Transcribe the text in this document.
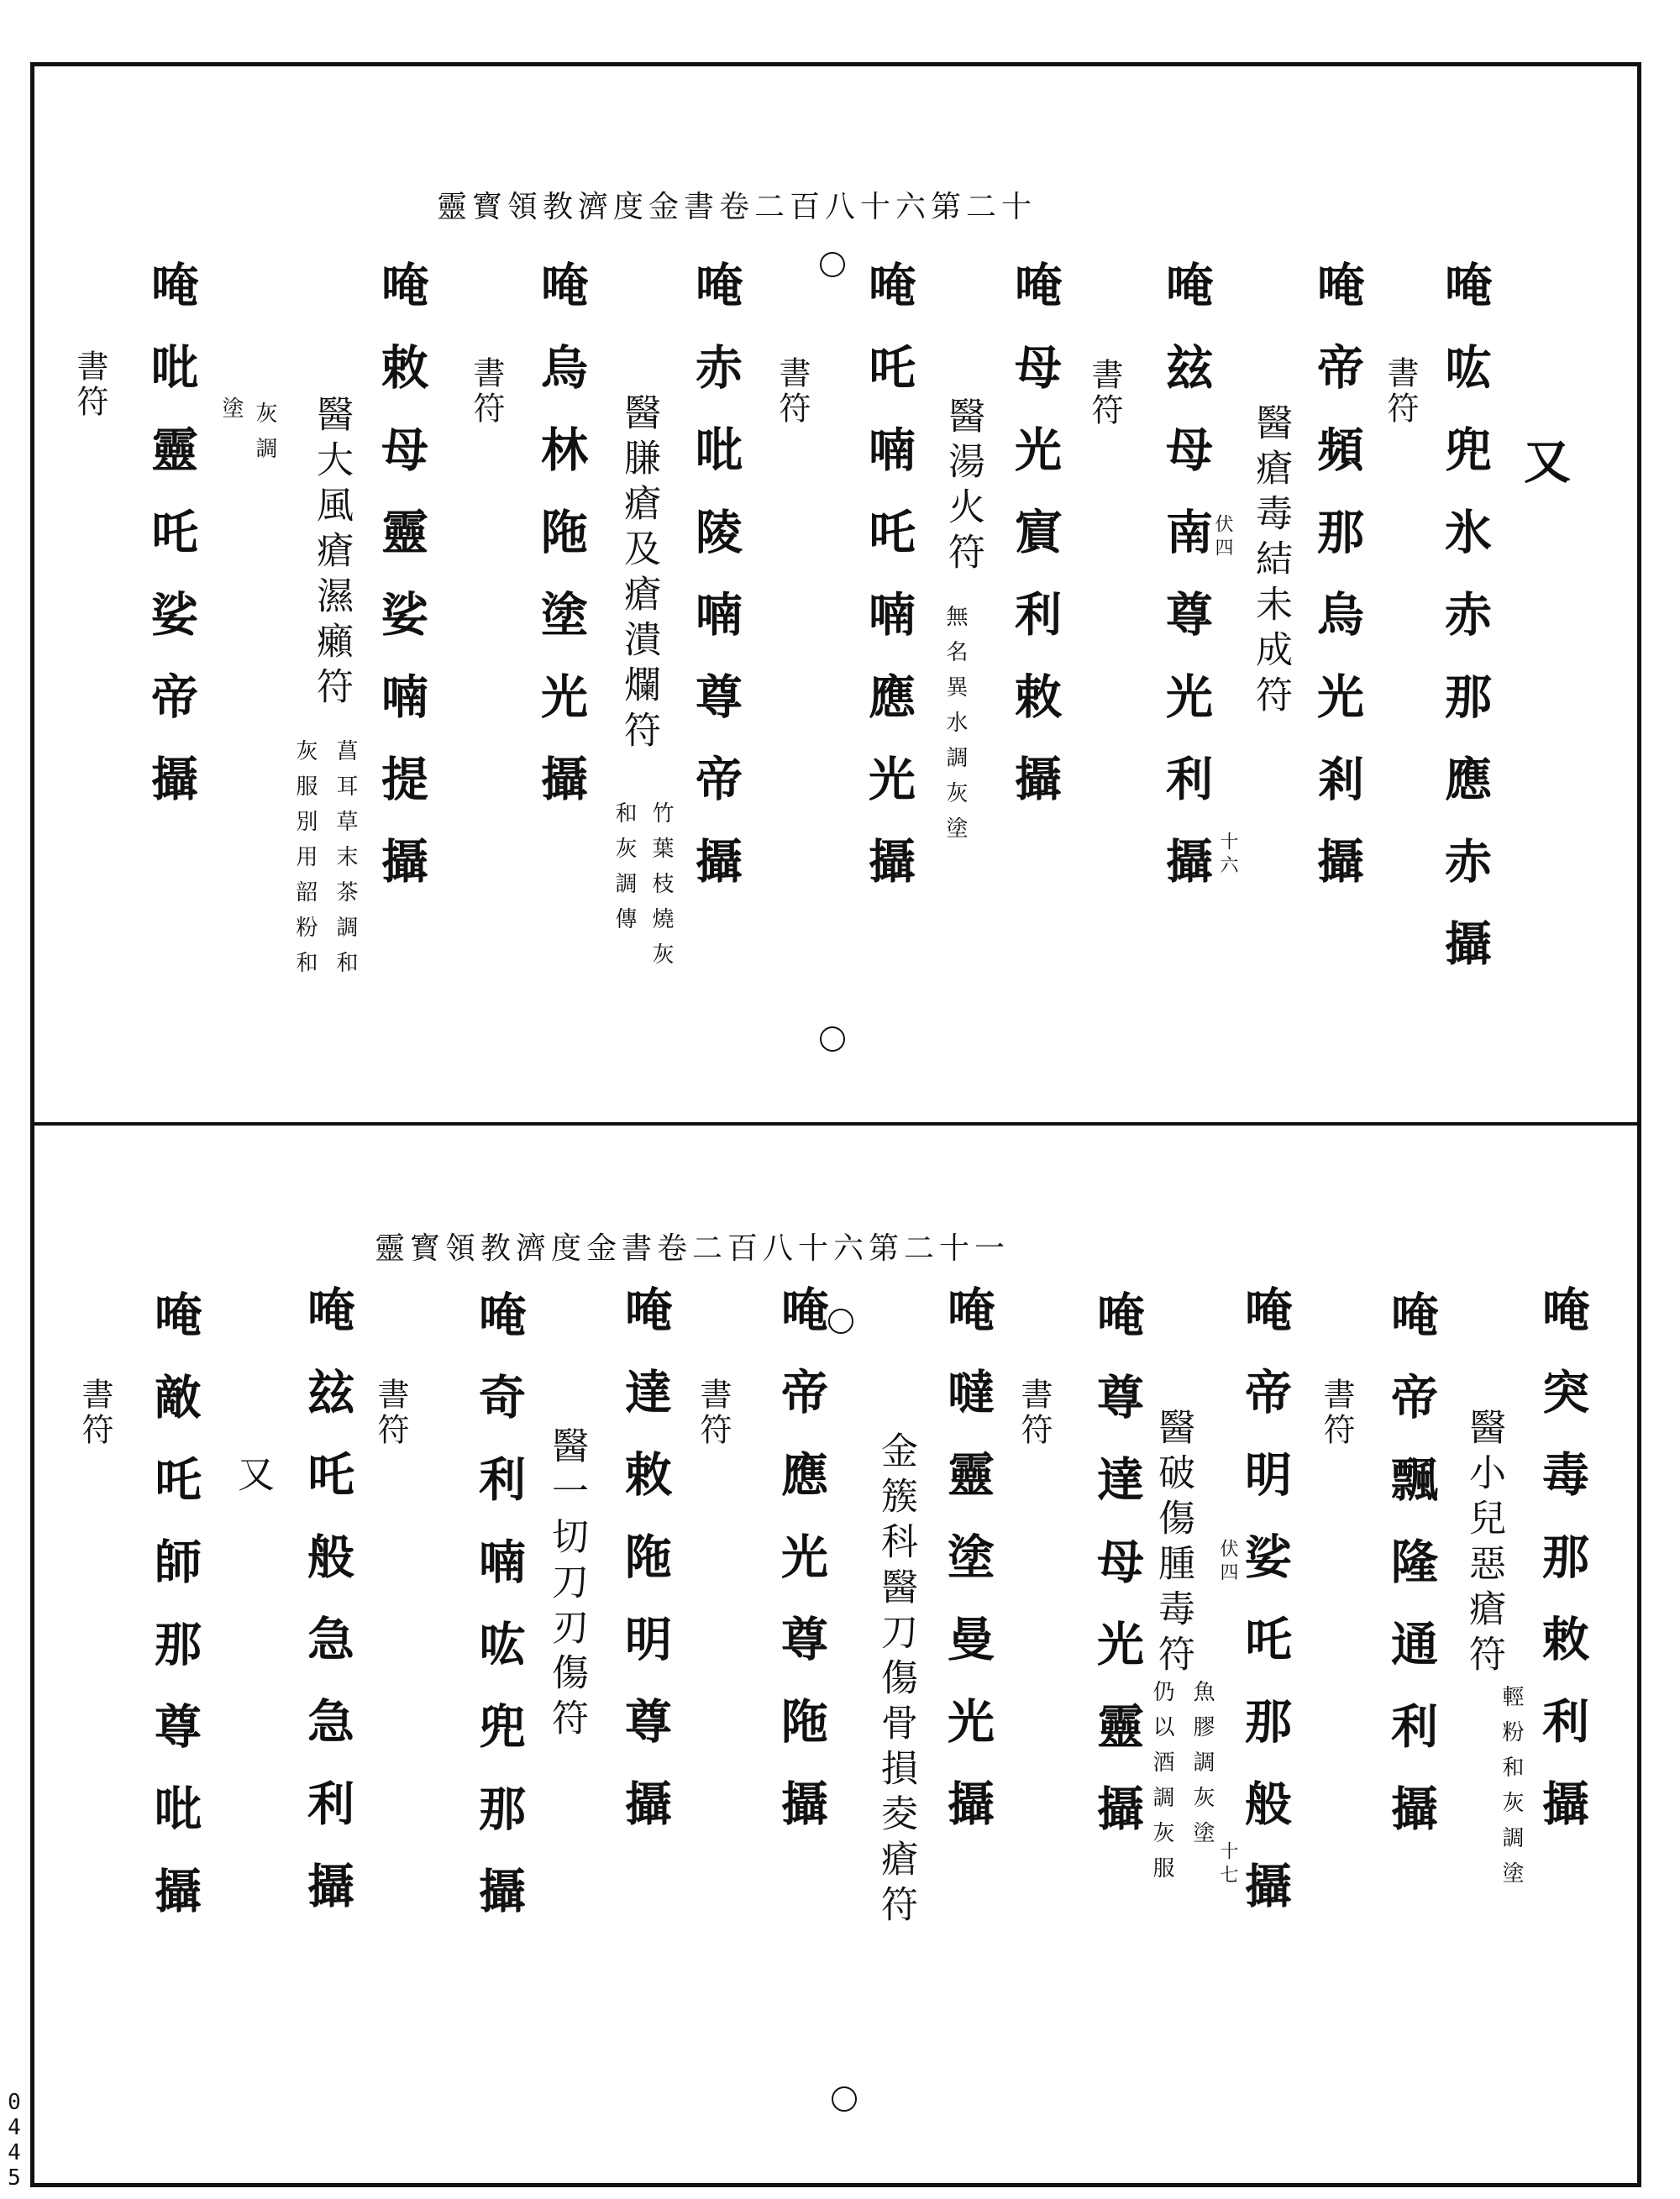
靈寳領教濟度金書卷二百八十六第二十
又
唵吰兜氷赤那應赤攝
書符
唵帝頻那烏光剎攝
醫瘡毒結未成符
伏四
十六
唵玆母南尊光利攝
書符
唵母光賔利敕攝
醫湯火符
無名異水調灰塗
唵吒喃吒喃應光攝
書符
唵赤吡陵喃尊帝攝
醫膁瘡及瘡潰爛符
竹葉枝燒灰
和灰調傳
唵烏林陁塗光攝
書符
唵敕母靈娑喃提攝
醫大風瘡濕癩符
菖耳草末茶調和
灰服別用韶粉和
灰調
塗
唵吡靈吒娑帝攝
書符
靈寳領教濟度金書卷二百八十六第二十一
唵突毒那敕利攝
醫小兒惡瘡符
輕粉和灰調塗
唵帝飄隆通利攝
書符
唵帝明娑吒那般攝
伏四
十七
醫破傷腫毒符
魚膠調灰塗
仍以酒調灰服
唵尊達母光靈攝
書符
唵噠靈塗曼光攝
金簇科醫刀傷骨損夌瘡符
唵帝應光尊陁攝
書符
唵達敕陁明尊攝
醫一切刀刃傷符
唵奇利喃吰兜那攝
書符
唵玆吒般急急利攝
又
唵敵吒師那尊吡攝
書符
0445
